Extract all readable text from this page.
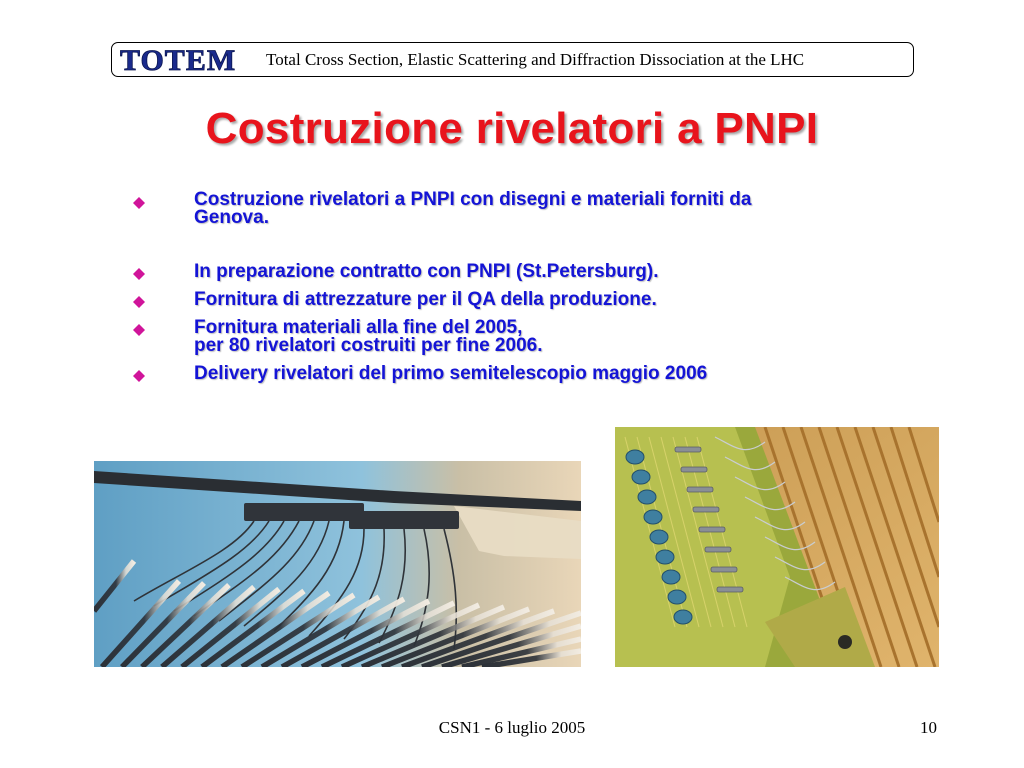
TOTEM Total Cross Section, Elastic Scattering and Diffraction Dissociation at the LHC
Costruzione rivelatori a PNPI
Costruzione rivelatori a PNPI con disegni e materiali forniti da
Genova.
In preparazione contratto con PNPI (St.Petersburg).
Fornitura di attrezzature per il QA della produzione.
Fornitura materiali alla fine del 2005,
per 80 rivelatori costruiti per fine 2006.
Delivery rivelatori del primo semitelescopio maggio 2006
CSN1 - 6 luglio 2005	10
